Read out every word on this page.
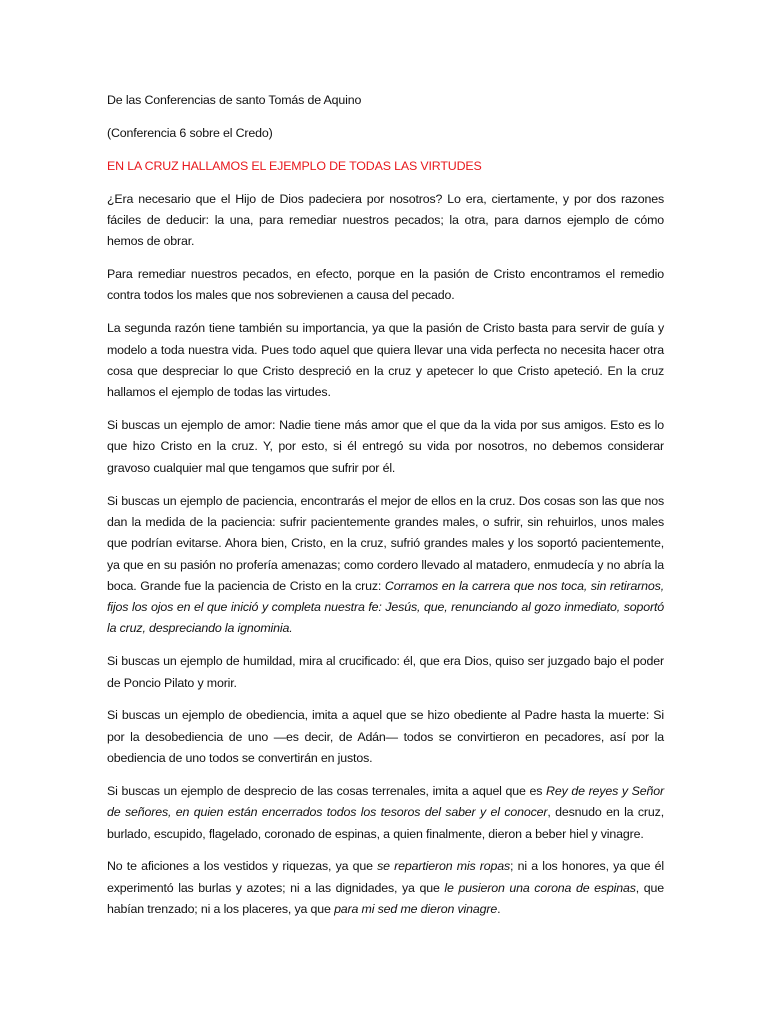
De las Conferencias de santo Tomás de Aquino

(Conferencia 6 sobre el Credo)

EN LA CRUZ HALLAMOS EL EJEMPLO DE TODAS LAS VIRTUDES

¿Era necesario que el Hijo de Dios padeciera por nosotros? Lo era, ciertamente, y por dos razones fáciles de deducir: la una, para remediar nuestros pecados; la otra, para darnos ejemplo de cómo hemos de obrar.

Para remediar nuestros pecados, en efecto, porque en la pasión de Cristo encontramos el remedio contra todos los males que nos sobrevienen a causa del pecado.

La segunda razón tiene también su importancia, ya que la pasión de Cristo basta para servir de guía y modelo a toda nuestra vida. Pues todo aquel que quiera llevar una vida perfecta no necesita hacer otra cosa que despreciar lo que Cristo despreció en la cruz y apetecer lo que Cristo apeteció. En la cruz hallamos el ejemplo de todas las virtudes.

Si buscas un ejemplo de amor: Nadie tiene más amor que el que da la vida por sus amigos. Esto es lo que hizo Cristo en la cruz. Y, por esto, si él entregó su vida por nosotros, no debemos considerar gravoso cualquier mal que tengamos que sufrir por él.

Si buscas un ejemplo de paciencia, encontrarás el mejor de ellos en la cruz. Dos cosas son las que nos dan la medida de la paciencia: sufrir pacientemente grandes males, o sufrir, sin rehuirlos, unos males que podrían evitarse. Ahora bien, Cristo, en la cruz, sufrió grandes males y los soportó pacientemente, ya que en su pasión no profería amenazas; como cordero llevado al matadero, enmudecía y no abría la boca. Grande fue la paciencia de Cristo en la cruz: Corramos en la carrera que nos toca, sin retirarnos, fijos los ojos en el que inició y completa nuestra fe: Jesús, que, renunciando al gozo inmediato, soportó la cruz, despreciando la ignominia.

Si buscas un ejemplo de humildad, mira al crucificado: él, que era Dios, quiso ser juzgado bajo el poder de Poncio Pilato y morir.

Si buscas un ejemplo de obediencia, imita a aquel que se hizo obediente al Padre hasta la muerte: Si por la desobediencia de uno —es decir, de Adán— todos se convirtieron en pecadores, así por la obediencia de uno todos se convertirán en justos.

Si buscas un ejemplo de desprecio de las cosas terrenales, imita a aquel que es Rey de reyes y Señor de señores, en quien están encerrados todos los tesoros del saber y el conocer, desnudo en la cruz, burlado, escupido, flagelado, coronado de espinas, a quien finalmente, dieron a beber hiel y vinagre.

No te aficiones a los vestidos y riquezas, ya que se repartieron mis ropas; ni a los honores, ya que él experimentó las burlas y azotes; ni a las dignidades, ya que le pusieron una corona de espinas, que habían trenzado; ni a los placeres, ya que para mi sed me dieron vinagre.
